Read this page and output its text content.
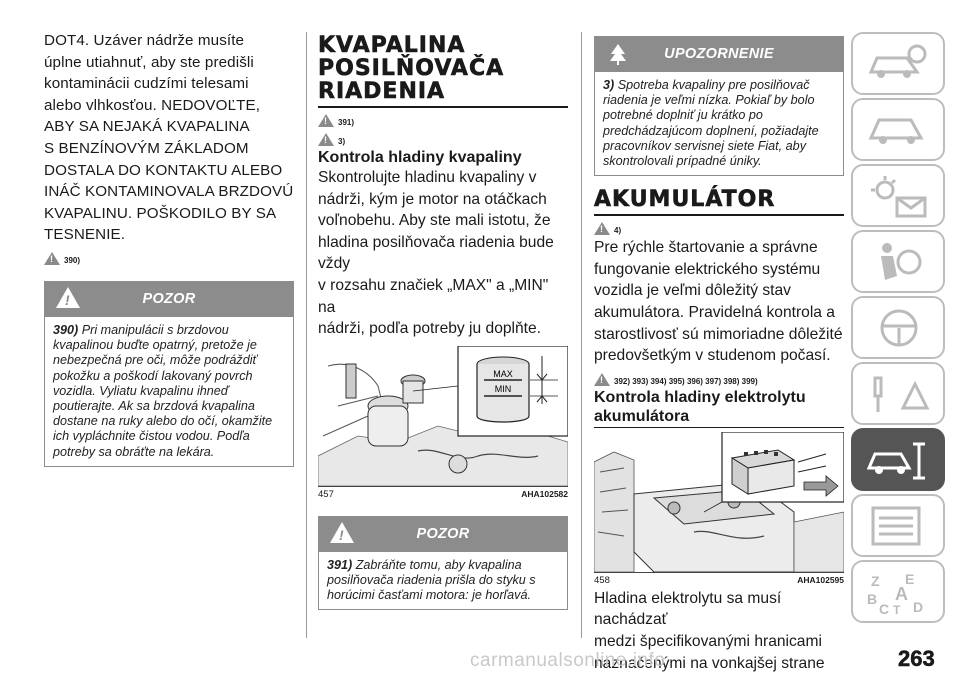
DOT4. Uzáver nádrže musíte
úplne utiahnuť, aby ste predišli
kontaminácii cudzími telesami
alebo vlhkosťou. NEDOVOĽTE,
ABY SA NEJAKÁ KVAPALINA
S BENZÍNOVÝM ZÁKLADOM
DOSTALA DO KONTAKTU ALEBO
INÁČ KONTAMINOVALA BRZDOVÚ
KVAPALINU. POŠKODILO BY SA
TESNENIE.
!
390)
!
POZOR
390) Pri manipulácii s brzdovou kvapalinou buďte opatrný, pretože je nebezpečná pre oči, môže podráždiť pokožku a poškodí lakovaný povrch vozidla. Vyliatu kvapalinu ihneď poutierajte. Ak sa brzdová kvapalina dostane na ruky alebo do očí, okamžite ich vypláchnite čistou vodou. Podľa potreby sa obráťte na lekára.
KVAPALINA
POSILŇOVAČA
RIADENIA
!
391)
!
3)
Kontrola hladiny kvapaliny
Skontrolujte hladinu kvapaliny v
nádrži, kým je motor na otáčkach
voľnobehu. Aby ste mali istotu, že
hladina posilňovača riadenia bude vždy
v rozsahu značiek „MAX" a „MIN" na
nádrži, podľa potreby ju doplňte.
MAX
MIN
457	AHA102582
!
POZOR
391) Zabráňte tomu, aby kvapalina posilňovača riadenia prišla do styku s horúcimi časťami motora: je horľavá.
UPOZORNENIE
3) Spotreba kvapaliny pre posilňovač riadenia je veľmi nízka. Pokiaľ by bolo potrebné doplniť ju krátko po predchádzajúcom doplnení, požiadajte pracovníkov servisnej siete Fiat, aby skontrolovali prípadné úniky.
AKUMULÁTOR
!
4)
Pre rýchle štartovanie a správne
fungovanie elektrického systému
vozidla je veľmi dôležitý stav
akumulátora. Pravidelná kontrola a
starostlivosť sú mimoriadne dôležité
predovšetkým v studenom počasí.
!
392) 393) 394) 395) 396) 397) 398) 399)
Kontrola hladiny elektrolytu
akumulátora
458	AHA102595
Hladina elektrolytu sa musí nachádzať
medzi špecifikovanými hranicami
naznačenými na vonkajšej strane
Z E
B A
C T D
carmanualsonline.info	263
